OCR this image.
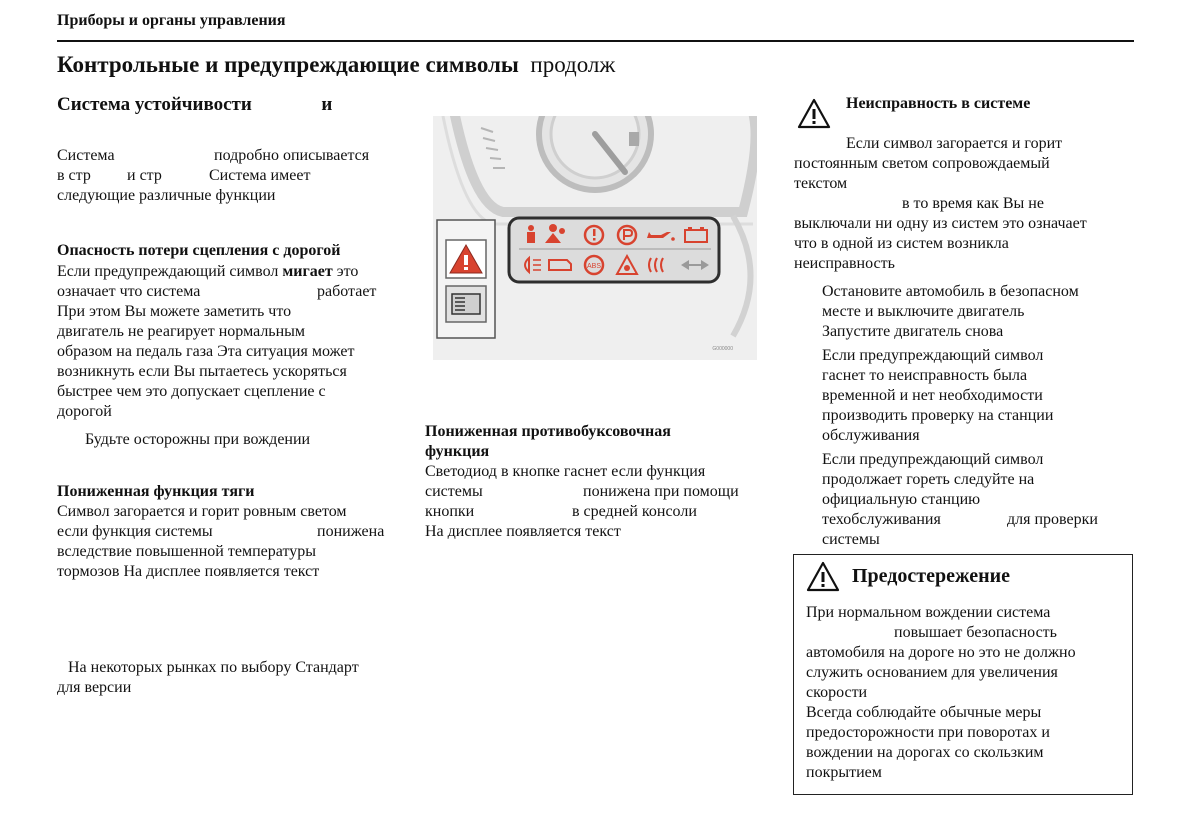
Приборы и органы управления
Контрольные и предупреждающие символы продолж
Система устойчивости	и
Система	подробно описывается
в стр и стр	Система имеет
следующие различные функции
Опасность потери сцепления с дорогой
Если предупреждающий символ мигает это
означает что система	работает
При этом Вы можете заметить что
двигатель не реагирует нормальным
образом на педаль газа Эта ситуация может
возникнуть если Вы пытаетесь ускоряться
быстрее чем это допускает сцепление с
дорогой
Будьте осторожны при вождении
Пониженная функция тяги
Символ загорается и горит ровным светом
если функция системы	понижена
вследствие повышенной температуры
тормозов На дисплее появляется текст
На некоторых рынках по выбору Стандарт
для версии
ABS
G000000
Пониженная противобуксовочная
функция
Светодиод в кнопке гаснет если функция
системы	понижена при помощи
кнопки	в средней консоли
На дисплее появляется текст
Неисправность в системе
Если символ загорается и горит
постоянным светом сопровождаемый
текстом
в то время как Вы не
выключали ни одну из систем это означает
что в одной из систем возникла
неисправность
Остановите автомобиль в безопасном
месте и выключите двигатель
Запустите двигатель снова
Если предупреждающий символ
гаснет то неисправность была
временной и нет необходимости
производить проверку на станции
обслуживания
Если предупреждающий символ
продолжает гореть следуйте на
официальную станцию
техобслуживания	для проверки
системы
Предостережение
При нормальном вождении система
повышает безопасность
автомобиля на дороге но это не должно
служить основанием для увеличения
скорости
Всегда соблюдайте обычные меры
предосторожности при поворотах и
вождении на дорогах со скользким
покрытием
